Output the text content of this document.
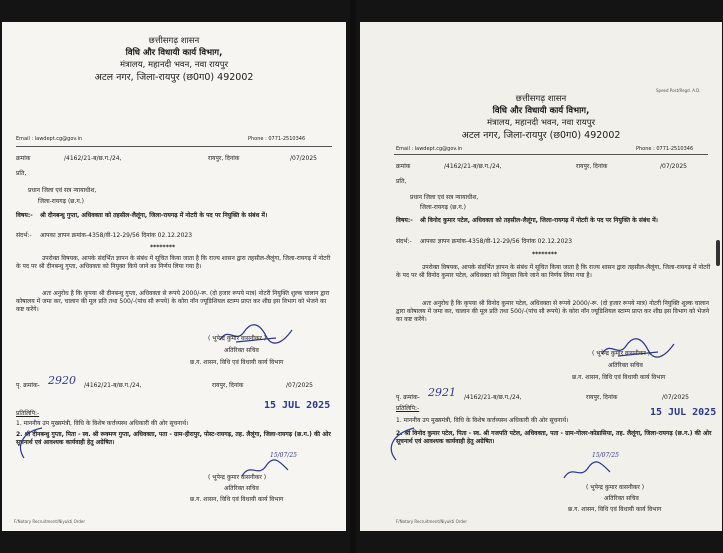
छत्तीसगढ़ शासन
विधि और विधायी कार्य विभाग,
मंत्रालय, महानदी भवन, नवा रायपुर
अटल नगर, जिला-रायपुर (छ0ग0) 492002
Email : lawdept.cg@gov.in	Phone : 0771-2510346
क्रमांक	/4162/21-ब/छ.ग./24,	रायपुर, दिनांक	/07/2025
प्रति,
प्रधान जिला एवं सत्र न्यायाधीश,
जिला-रायगढ़ (छ.ग.)
विषय:- श्री दीनबन्धु गुप्ता, अधिवक्ता को तहसील-लैलूंगा, जिला-रायगढ़ में नोटरी के पद पर नियुक्ति के संबंध में।
संदर्भ:- आपका ज्ञापन क्रमांक-4358/वी-12-29/56 दिनांक 02.12.2023
********
उपरोक्त विषयक, आपके संदर्भित ज्ञापन के संबंध में सूचित किया जाता है कि राज्य शासन द्वारा तहसील-लैलूंगा, जिला-रायगढ़ में नोटरी के पद पर श्री दीनबन्धु गुप्ता, अधिवक्ता को नियुक्त किये जाने का निर्णय लिया गया है।
अतः अनुरोध है कि कृपया श्री दीनबन्धु गुप्ता, अधिवक्ता से रूपये 2000/-रू. (दो हजार रूपये मात्र) नोटरी नियुक्ति शुल्क चालान द्वारा कोषालय में जमा कर, चालान की मूल प्रति तथा 500/-(पांच सौ रूपये) के कोरा नॉन ज्यूडिशियल स्टाम्प प्राप्त कर शीघ्र इस विभाग को भेजने का कष्ट करेंगे।
( भूपेन्द्र कुमार वासनीकर )
अतिरिक्त सचिव
छ.ग. शासन, विधि एवं विधायी कार्य विभाग
पृ. क्रमांक- 2920 /4162/21-ब/छ.ग./24,	रायपुर, दिनांक	/07/2025
15 JUL 2025
प्रतिलिपि:-
1. माननीय उप मुख्यमंत्री, विधि के विशेष कर्त्तव्यस्थ अधिकारी की ओर सूचनार्थ।
2. श्री दीनबन्धु गुप्ता, पिता - स्व. श्री रूक्मण गुप्ता, अधिवक्ता, पता - ग्राम-हीरापुर, पोस्ट-रायगढ़, तह. लैलूंगा, जिला-रायगढ़ (छ.ग.) की ओर सूचनार्थ एवं आवश्यक कार्यवाही हेतु अग्रेषित।
15/07/25
( भूपेन्द्र कुमार वासनीकर )
अतिरिक्त सचिव
छ.ग. शासन, विधि एवं विधायी कार्य विभाग
F/Notary Recruitment/Niyukti Order
Speed Post/Regd. A.D.
छत्तीसगढ़ शासन
विधि और विधायी कार्य विभाग,
मंत्रालय, महानदी भवन, नवा रायपुर
अटल नगर, जिला-रायपुर (छ0ग0) 492002
Email : lawdept.cg@gov.in	Phone : 0771-2510346
क्रमांक	/4162/21-ब/छ.ग./24,	रायपुर, दिनांक	/07/2025
प्रति,
प्रधान जिला एवं सत्र न्यायाधीश,
जिला-रायगढ़ (छ.ग.)
विषय:- श्री विनोद कुमार पटेल, अधिवक्ता को तहसील-लैलूंगा, जिला-रायगढ़ में नोटरी के पद पर नियुक्ति के संबंध में।
संदर्भ:- आपका ज्ञापन क्रमांक-4358/वी-12-29/56 दिनांक 02.12.2023
********
उपरोक्त विषयक, आपके संदर्भित ज्ञापन के संबंध में सूचित किया जाता है कि राज्य शासन द्वारा तहसील-लैलूंगा, जिला-रायगढ़ में नोटरी के पद पर श्री विनोद कुमार पटेल, अधिवक्ता को नियुक्त किये जाने का निर्णय लिया गया है।
अतः अनुरोध है कि कृपया श्री विनोद कुमार पटेल, अधिवक्ता से रूपये 2000/-रू. (दो हजार रूपये मात्र) नोटरी नियुक्ति शुल्क चालान द्वारा कोषालय में जमा कर, चालान की मूल प्रति तथा 500/-(पांच सौ रूपये) के कोरा नॉन ज्यूडिशियल स्टाम्प प्राप्त कर शीघ्र इस विभाग को भेजने का कष्ट करेंगे।
( भूपेन्द्र कुमार वासनीकर )
अतिरिक्त सचिव
छ.ग. शासन, विधि एवं विधायी कार्य विभाग
पृ. क्रमांक- 2921 /4162/21-ब/छ.ग./24,	रायपुर, दिनांक	/07/2025
15 JUL 2025
प्रतिलिपि:-
1. माननीय उप मुख्यमंत्री, विधि के विशेष कर्त्तव्यस्थ अधिकारी की ओर सूचनार्थ।
2. श्री विनोद कुमार पटेल, पिता - स्व. श्री गजपति पटेल, अधिवक्ता, पता - ग्राम-गोलर-कोडासिया, तह. लैलूंगा, जिला-रायगढ़ (छ.ग.) की ओर सूचनार्थ एवं आवश्यक कार्यवाही हेतु अग्रेषित।
15/07/25
( भूपेन्द्र कुमार वासनीकर )
अतिरिक्त सचिव
छ.ग. शासन, विधि एवं विधायी कार्य विभाग
F/Notary Recruitment/Niyukti Order
